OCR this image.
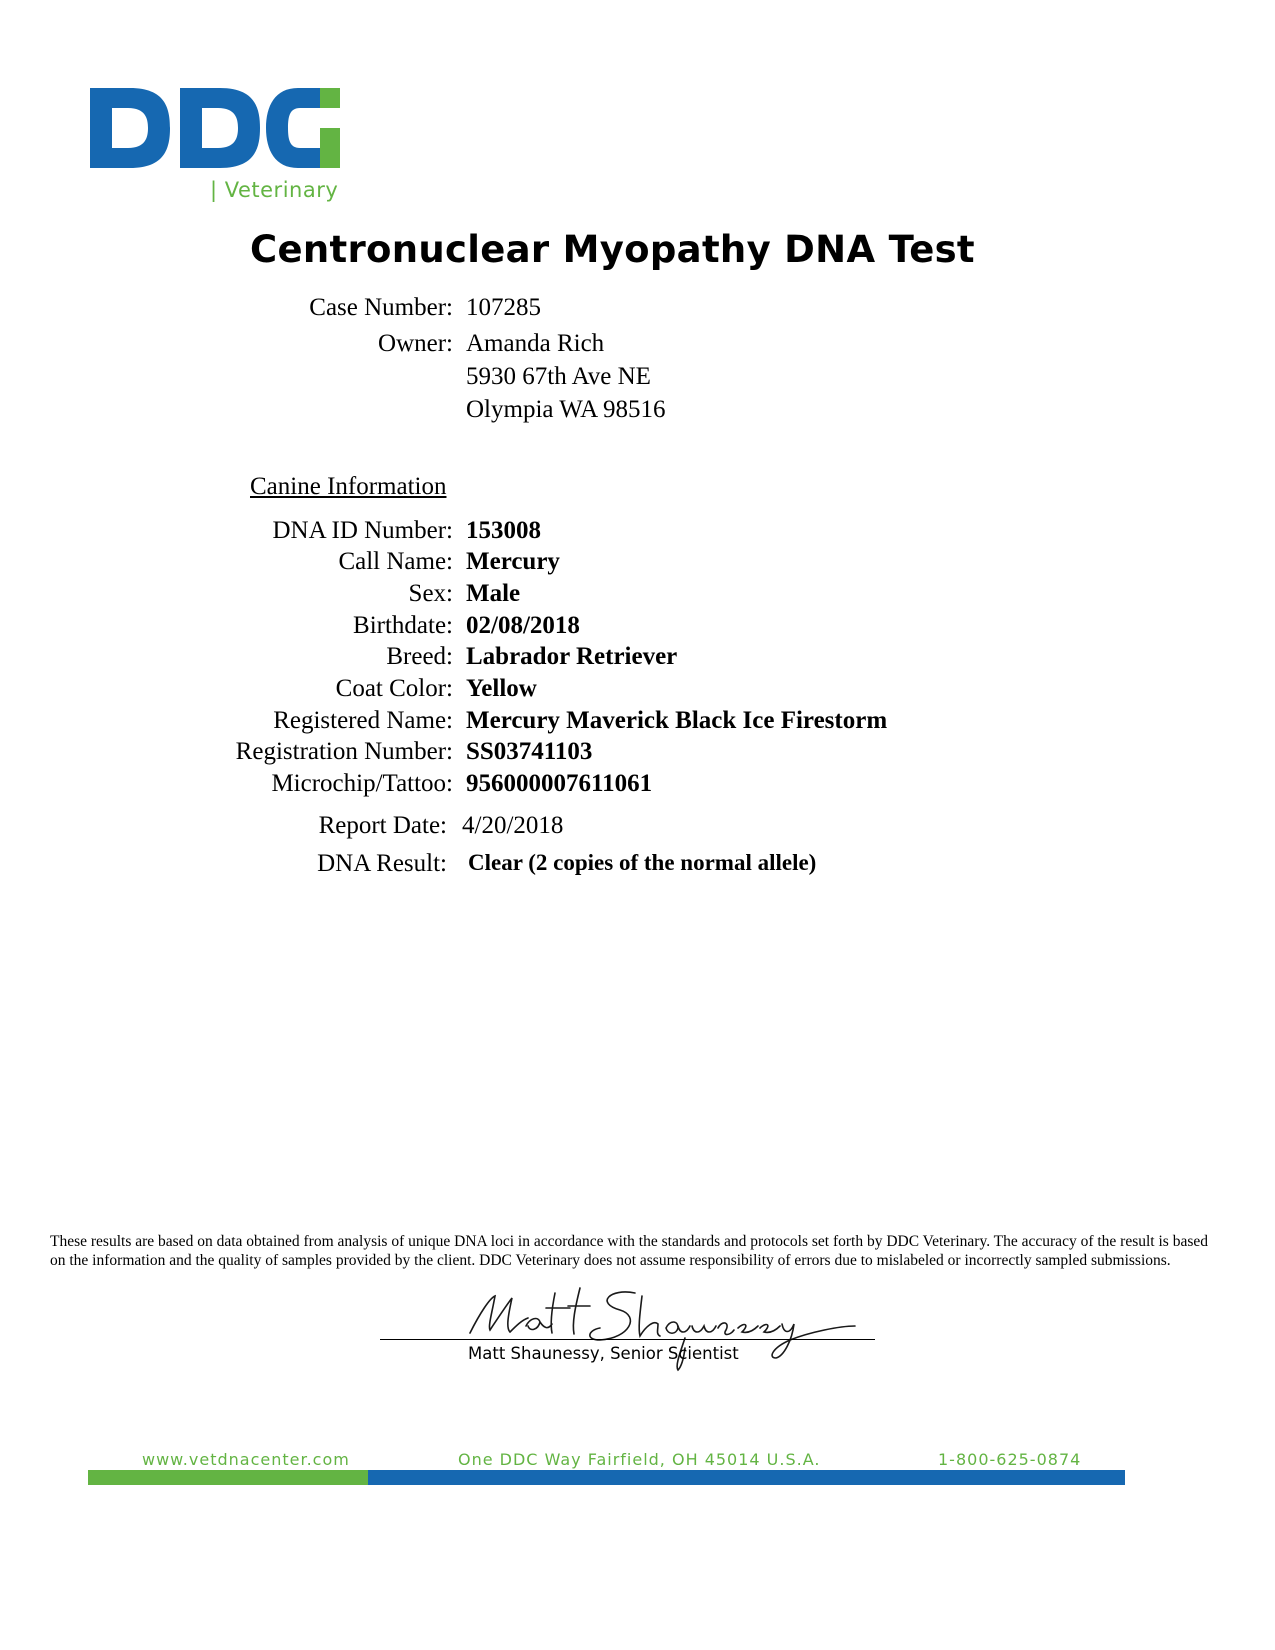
| Veterinary
Centronuclear Myopathy DNA Test
Case Number: 107285
Owner: Amanda Rich
5930 67th Ave NE
Olympia WA 98516
Canine Information
DNA ID Number: 153008
Call Name: Mercury
Sex: Male
Birthdate: 02/08/2018
Breed: Labrador Retriever
Coat Color: Yellow
Registered Name: Mercury Maverick Black Ice Firestorm
Registration Number: SS03741103
Microchip/Tattoo: 956000007611061
Report Date: 4/20/2018
DNA Result: Clear (2 copies of the normal allele)
These results are based on data obtained from analysis of unique DNA loci in accordance with the standards and protocols set forth by DDC Veterinary. The accuracy of the result is based on the information and the quality of samples provided by the client. DDC Veterinary does not assume responsibility of errors due to mislabeled or incorrectly sampled submissions.
Matt Shaunessy, Senior Scientist
www.vetdnacenter.com	One DDC Way Fairfield, OH 45014 U.S.A.	1-800-625-0874
